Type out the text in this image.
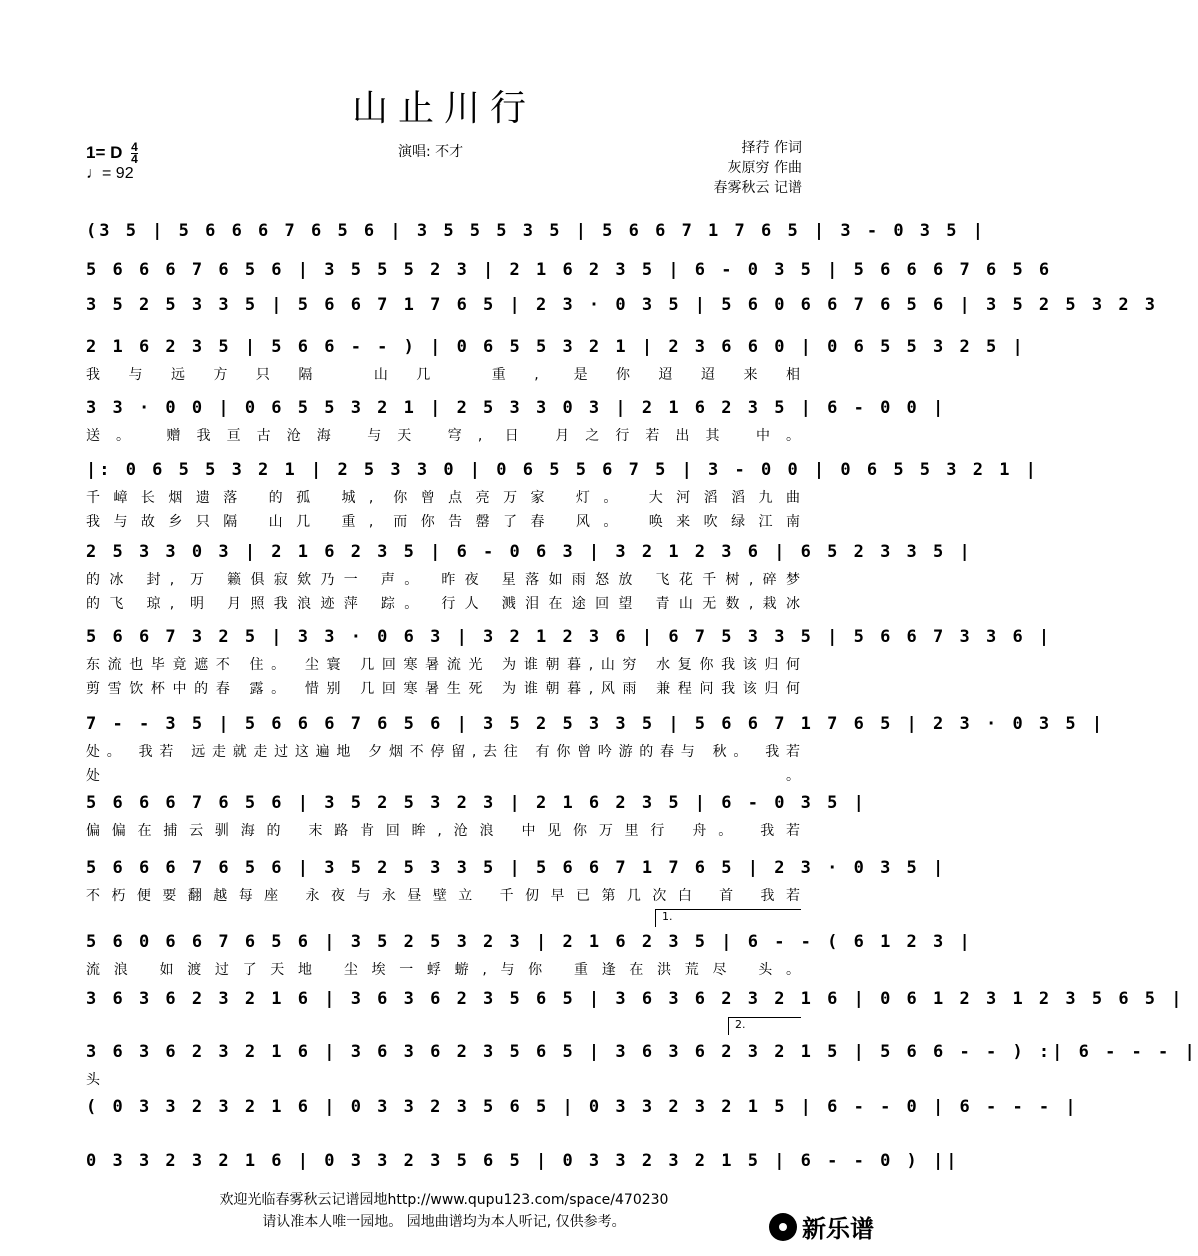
山止川行
1= D $\frac{4}{4}$
♩= 92
演唱: 不才	择荇 作词
灰原穷 作曲
春雾秋云 记谱
(3 5 | 5 6 6 6 7 6 5 6 | 3 5 5 5 3 5 | 5 6 6 7 1 7 6 5 | 3 - 0 3 5 |
5 6 6 6 7 6 5 6 | 3 5 5 5 2 3 | 2 1 6 2 3 5 | 6 - 0 3 5 | 5 6 6 6 7 6 5 6
3 5 2 5 3 3 5 | 5 6 6 7 1 7 6 5 | 2 3 · 0 3 5 | 5 6 0 6 6 7 6 5 6 | 3 5 2 5 3 2 3
2 1 6 2 3 5 | 5 6 6 - - ) | 0 6 5 5 3 2 1 | 2 3 6 6 0 | 0 6 5 5 3 2 5 |
我与远方只隔 山几 重, 是你迢迢来相
3 3 · 0 0 | 0 6 5 5 3 2 1 | 2 5 3 3 0 3 | 2 1 6 2 3 5 | 6 - 0 0 |
送。 赠我亘古沧海 与天 穹, 日 月之行若出其 中。
|: 0 6 5 5 3 2 1 | 2 5 3 3 0 | 0 6 5 5 6 7 5 | 3 - 0 0 | 0 6 5 5 3 2 1 |
千嶂长烟遗落 的孤 城, 你曾点亮万家 灯。 大河滔滔九曲
我与故乡只隔 山几 重, 而你告罄了春 风。 唤来吹绿江南
2 5 3 3 0 3 | 2 1 6 2 3 5 | 6 - 0 6 3 | 3 2 1 2 3 6 | 6 5 2 3 3 5 |
的冰 封, 万 籁俱寂欸乃一 声。 昨夜 星落如雨怒放 飞花千树,碎梦
的飞 琼, 明 月照我浪迹萍 踪。 行人 溅泪在途回望 青山无数,栽冰
5 6 6 7 3 2 5 | 3 3 · 0 6 3 | 3 2 1 2 3 6 | 6 7 5 3 3 5 | 5 6 6 7 3 3 6 |
东流也毕竟遮不 住。 尘寰 几回寒暑流光 为谁朝暮,山穷 水复你我该归何
剪雪饮杯中的春 露。 惜别 几回寒暑生死 为谁朝暮,风雨 兼程问我该归何
7 - - 3 5 | 5 6 6 6 7 6 5 6 | 3 5 2 5 3 3 5 | 5 6 6 7 1 7 6 5 | 2 3 · 0 3 5 |
处。 我若 远走就走过这遍地 夕烟不停留,去往 有你曾吟游的春与 秋。 我若
处。
5 6 6 6 7 6 5 6 | 3 5 2 5 3 2 3 | 2 1 6 2 3 5 | 6 - 0 3 5 |
偏偏在捕云驯海的 末路肯回眸,沧浪 中见你万里行 舟。 我若
5 6 6 6 7 6 5 6 | 3 5 2 5 3 3 5 | 5 6 6 7 1 7 6 5 | 2 3 · 0 3 5 |
不朽便要翻越每座 永夜与永昼壁立 千仞早已第几次白 首 我若
5 6 0 6 6 7 6 5 6 | 3 5 2 5 3 2 3 | 2 1 6 2 3 5 | 6 - - ( 6 1 2 3 |
流浪 如渡过了天地 尘埃一蜉蝣,与你 重逢在洪荒尽 头。
3 6 3 6 2 3 2 1 6 | 3 6 3 6 2 3 5 6 5 | 3 6 3 6 2 3 2 1 6 | 0 6 1 2 3 1 2 3 5 6 5 |
3 6 3 6 2 3 2 1 6 | 3 6 3 6 2 3 5 6 5 | 3 6 3 6 2 3 2 1 5 | 5 6 6 - - ) :| 6 - - - |
头
( 0 3 3 2 3 2 1 6 | 0 3 3 2 3 5 6 5 | 0 3 3 2 3 2 1 5 | 6 - - 0 | 6 - - - |
0 3 3 2 3 2 1 6 | 0 3 3 2 3 5 6 5 | 0 3 3 2 3 2 1 5 | 6 - - 0 ) ||
1.
2.
欢迎光临春雾秋云记谱园地http://www.qupu123.com/space/470230
请认准本人唯一园地。 园地曲谱均为本人听记, 仅供参考。	新乐谱
